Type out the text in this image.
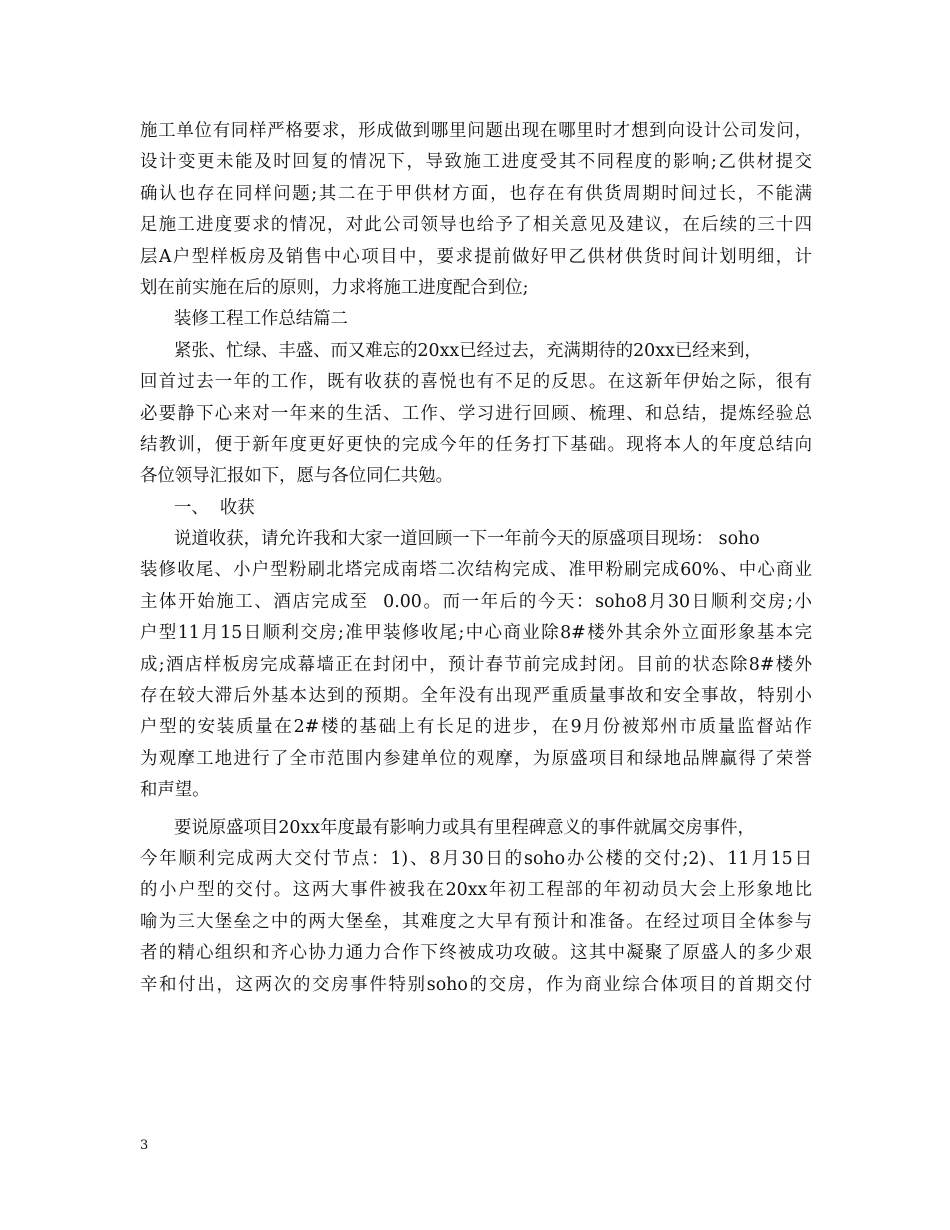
施工单位有同样严格要求，形成做到哪里问题出现在哪里时才想到向设计公司发问，
设计变更未能及时回复的情况下，导致施工进度受其不同程度的影响;乙供材提交
确认也存在同样问题;其二在于甲供材方面，也存在有供货周期时间过长，不能满
足施工进度要求的情况，对此公司领导也给予了相关意见及建议，在后续的三十四
层A户型样板房及销售中心项目中，要求提前做好甲乙供材供货时间计划明细，计
划在前实施在后的原则，力求将施工进度配合到位;
装修工程工作总结篇二
紧张、忙绿、丰盛、而又难忘的20xx已经过去，充满期待的20xx已经来到，
回首过去一年的工作，既有收获的喜悦也有不足的反思。在这新年伊始之际，很有
必要静下心来对一年来的生活、工作、学习进行回顾、梳理、和总结，提炼经验总
结教训，便于新年度更好更快的完成今年的任务打下基础。现将本人的年度总结向
各位领导汇报如下，愿与各位同仁共勉。
一、  收获
说道收获，请允许我和大家一道回顾一下一年前今天的原盛项目现场： soho
装修收尾、小户型粉刷北塔完成南塔二次结构完成、准甲粉刷完成60%、中心商业
主体开始施工、酒店完成至  0.00。而一年后的今天：soho8月30日顺利交房;小
户型11月15日顺利交房;准甲装修收尾;中心商业除8#楼外其余外立面形象基本完
成;酒店样板房完成幕墙正在封闭中，预计春节前完成封闭。目前的状态除8#楼外
存在较大滞后外基本达到的预期。全年没有出现严重质量事故和安全事故，特别小
户型的安装质量在2#楼的基础上有长足的进步，在9月份被郑州市质量监督站作
为观摩工地进行了全市范围内参建单位的观摩，为原盛项目和绿地品牌赢得了荣誉
和声望。
要说原盛项目20xx年度最有影响力或具有里程碑意义的事件就属交房事件，
今年顺利完成两大交付节点：1)、8月30日的soho办公楼的交付;2)、11月15日
的小户型的交付。这两大事件被我在20xx年初工程部的年初动员大会上形象地比
喻为三大堡垒之中的两大堡垒，其难度之大早有预计和准备。在经过项目全体参与
者的精心组织和齐心协力通力合作下终被成功攻破。这其中凝聚了原盛人的多少艰
辛和付出，这两次的交房事件特别soho的交房，作为商业综合体项目的首期交付
3
